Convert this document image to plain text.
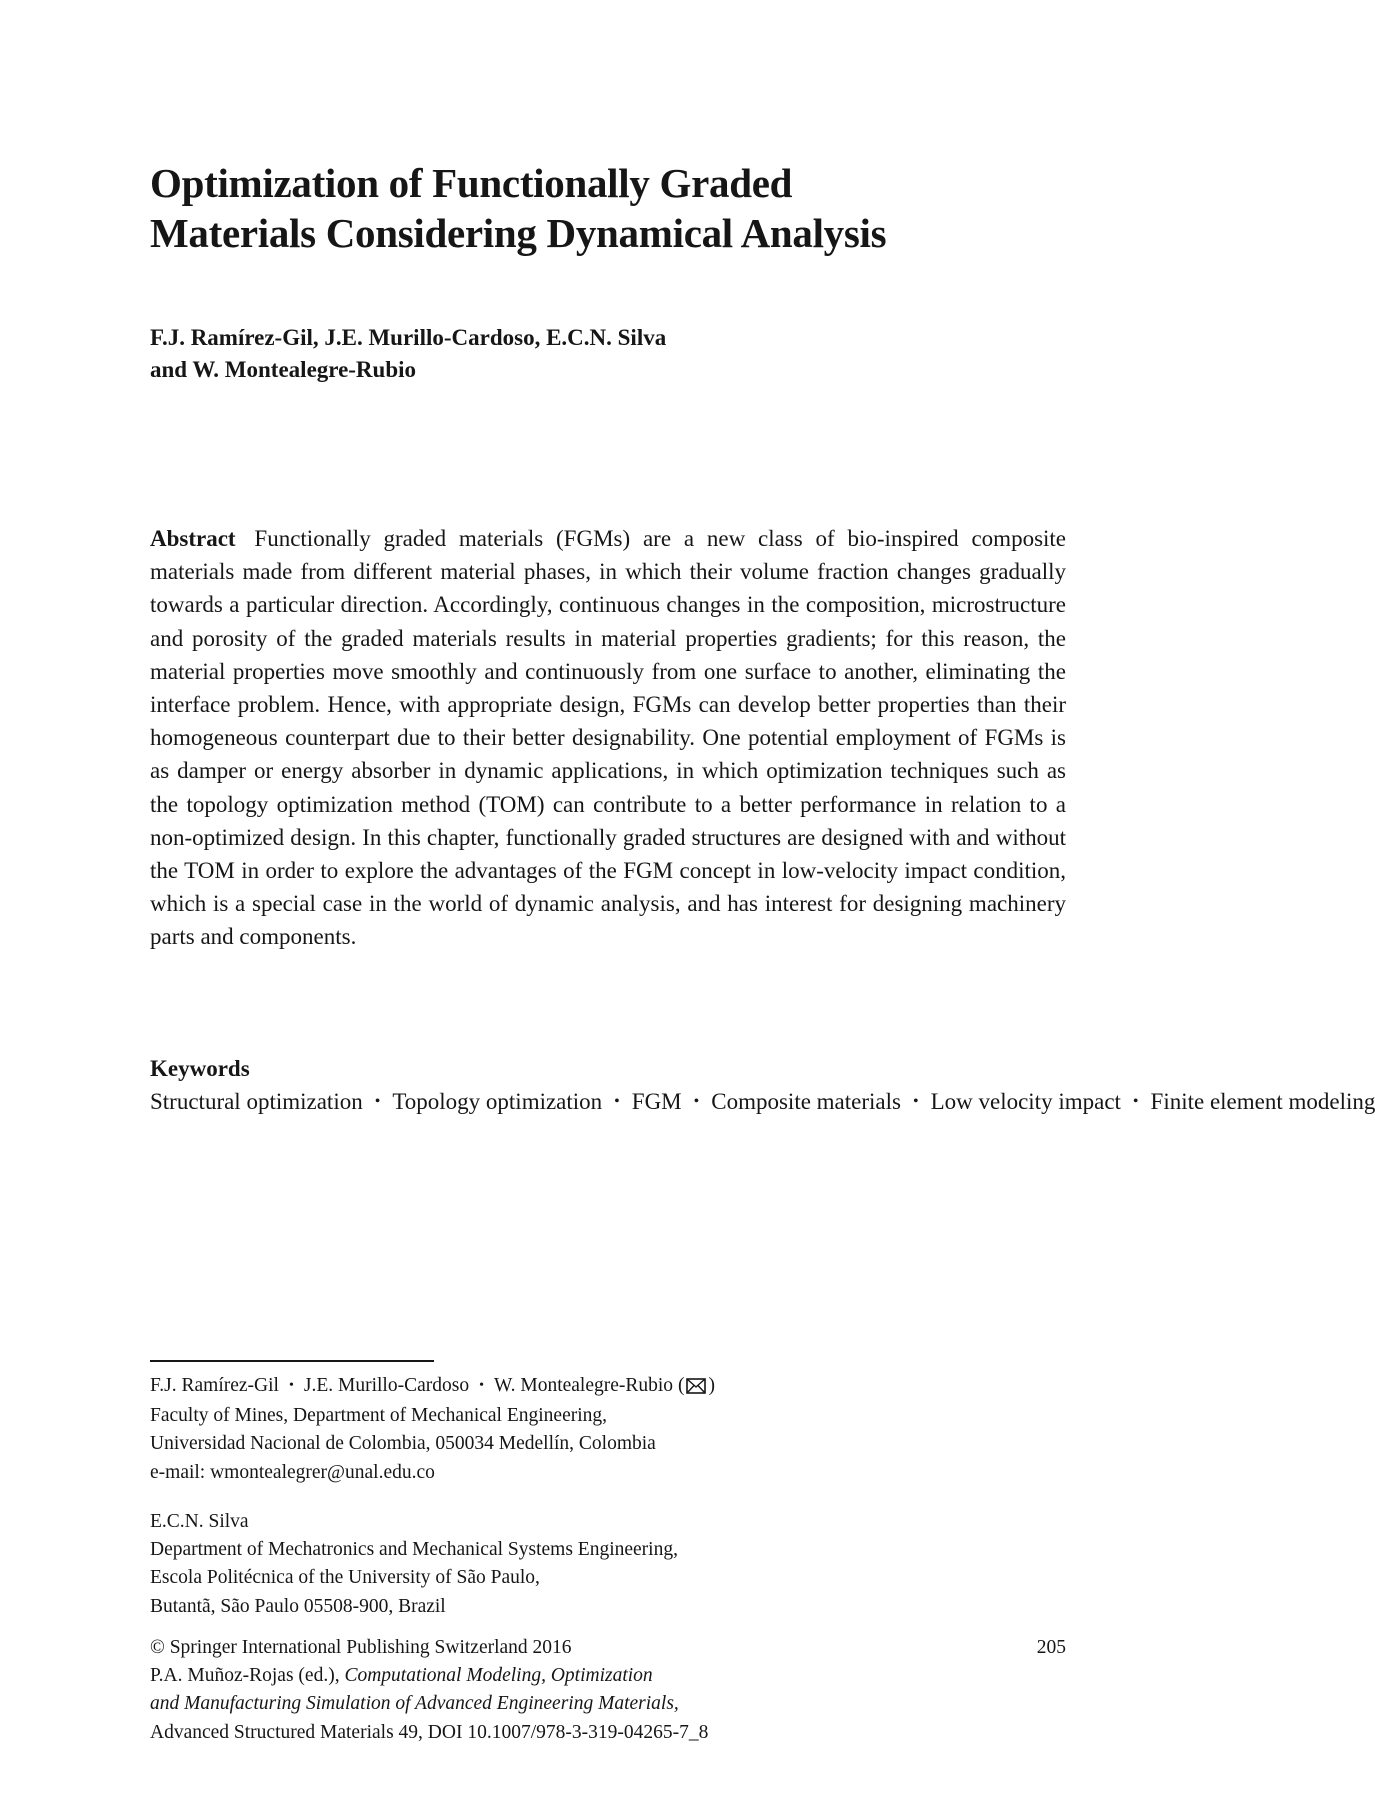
Optimization of Functionally Graded
Materials Considering Dynamical Analysis
F.J. Ramírez-Gil, J.E. Murillo-Cardoso, E.C.N. Silva
and W. Montealegre-Rubio

Abstract Functionally graded materials (FGMs) are a new class of bio-inspired composite materials made from different material phases, in which their volume fraction changes gradually towards a particular direction. Accordingly, continuous changes in the composition, microstructure and porosity of the graded materials results in material properties gradients; for this reason, the material properties move smoothly and continuously from one surface to another, eliminating the interface problem. Hence, with appropriate design, FGMs can develop better properties than their homogeneous counterpart due to their better designability. One potential employment of FGMs is as damper or energy absorber in dynamic applications, in which optimization techniques such as the topology optimization method (TOM) can contribute to a better performance in relation to a non-optimized design. In this chapter, functionally graded structures are designed with and without the TOM in order to explore the advantages of the FGM concept in low-velocity impact condition, which is a special case in the world of dynamic analysis, and has interest for designing machinery parts and components.

Keywords Structural optimization • Topology optimization • FGM • Composite materials • Low velocity impact • Finite element modeling
F.J. Ramírez-Gil • J.E. Murillo-Cardoso • W. Montealegre-Rubio ( )
Faculty of Mines, Department of Mechanical Engineering,
Universidad Nacional de Colombia, 050034 Medellín, Colombia
e-mail: wmontealegrer@unal.edu.co
E.C.N. Silva
Department of Mechatronics and Mechanical Systems Engineering,
Escola Politécnica of the University of São Paulo,
Butantã, São Paulo 05508-900, Brazil
© Springer International Publishing Switzerland 2016
P.A. Muñoz-Rojas (ed.), Computational Modeling, Optimization
and Manufacturing Simulation of Advanced Engineering Materials,
Advanced Structured Materials 49, DOI 10.1007/978-3-319-04265-7_8
205
